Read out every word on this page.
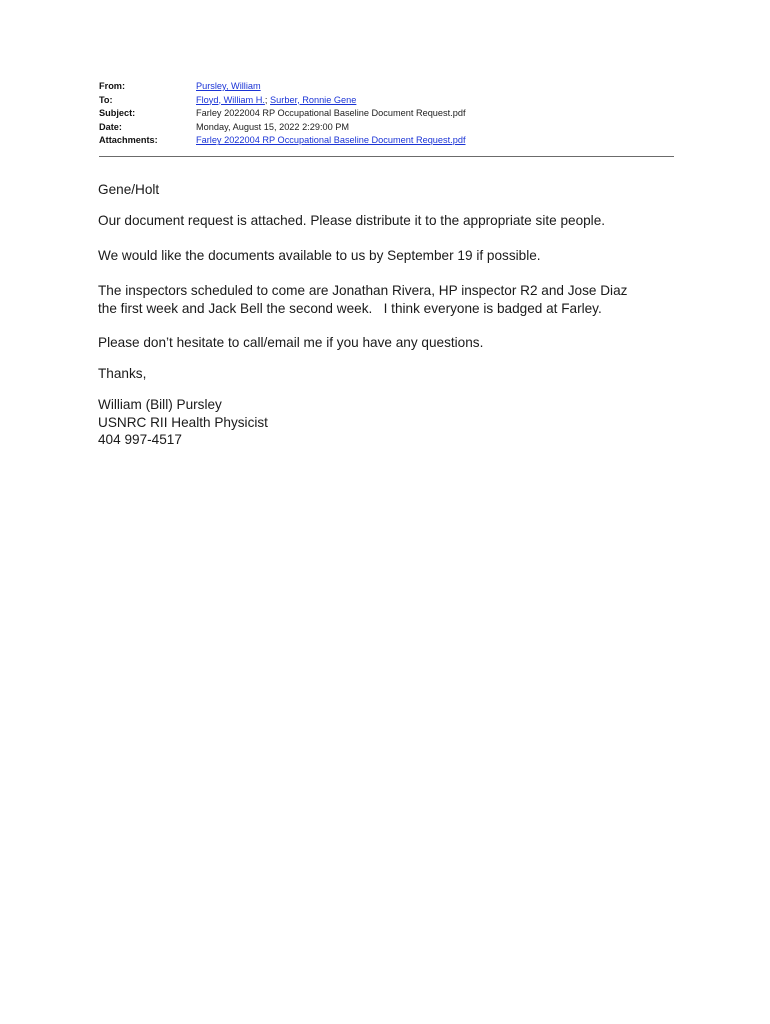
From:	Pursley, William
To:	Floyd, William H.; Surber, Ronnie Gene
Subject:	Farley 2022004 RP Occupational Baseline Document Request.pdf
Date:	Monday, August 15, 2022 2:29:00 PM
Attachments:	Farley 2022004 RP Occupational Baseline Document Request.pdf

Gene/Holt

Our document request is attached. Please distribute it to the appropriate site people.

We would like the documents available to us by September 19 if possible.

The inspectors scheduled to come are Jonathan Rivera, HP inspector R2 and Jose Diaz
the first week and Jack Bell the second week.   I think everyone is badged at Farley.

Please don’t hesitate to call/email me if you have any questions.

Thanks,

William (Bill) Pursley
USNRC RII Health Physicist
404 997-4517
